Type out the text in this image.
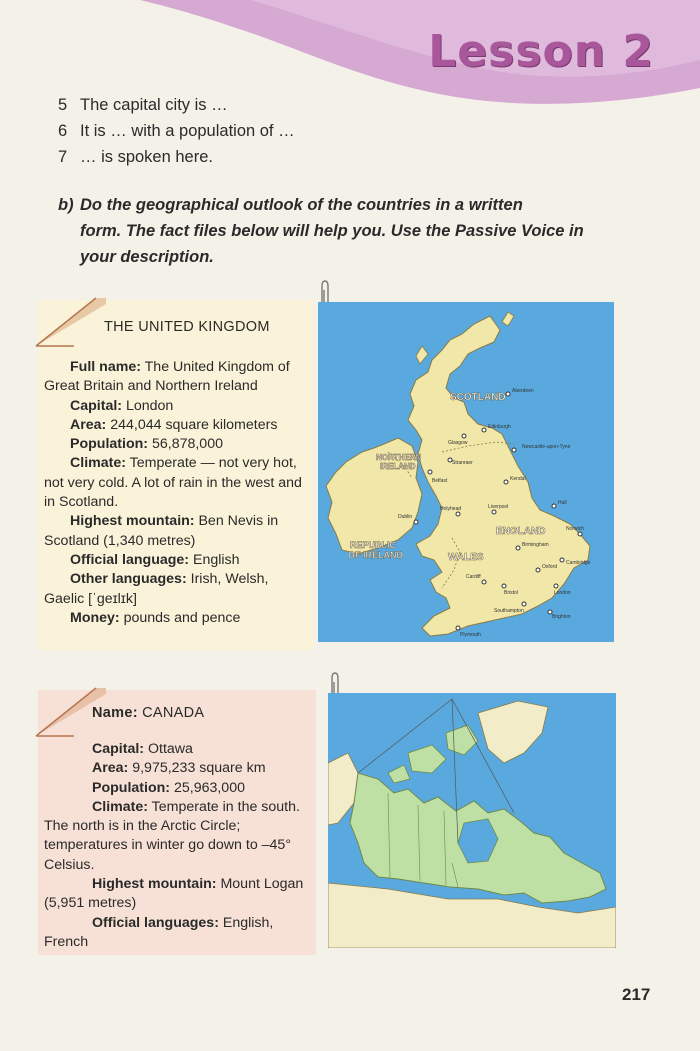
Lesson 2
5 The capital city is …
6 It is … with a population of …
7 … is spoken here.
b) Do the geographical outlook of the countries in a written
form. The fact files below will help you. Use the Passive Voice in your description.
THE UNITED KINGDOM
Full name: The United Kingdom of Great Britain and Northern Ireland
Capital: London
Area: 244,044 square kilometers
Population: 56,878,000
Climate: Temperate — not very hot, not very cold. A lot of rain in the west and in Scotland.
Highest mountain: Ben Nevis in Scotland (1,340 metres)
Official language: English
Other languages: Irish, Welsh, Gaelic [ˈgeɪlɪk]
Money: pounds and pence
SCOTLAND
NORTHERN
IRELAND
REPUBLIC
OF IRELAND	WALES
ENGLAND
Aberdeen
Edinburgh
Glasgow
Newcastle-upon-Tyne
Belfast	Kendal
Hull
Dublin
Holyhead	Liverpool
Norwich
Birmingham
Cambridge
Oxford
Cardiff
Bristol	London
Southampton
Brighton
Plymouth
Stranraer
Name: CANADA
Capital: Ottawa
Area: 9,975,233 square km
Population: 25,963,000
Climate: Temperate in the south. The north is in the Arctic Circle; temperatures in winter go down to –45° Celsius.
Highest mountain: Mount Logan (5,951 metres)
Official languages: English, French
217
